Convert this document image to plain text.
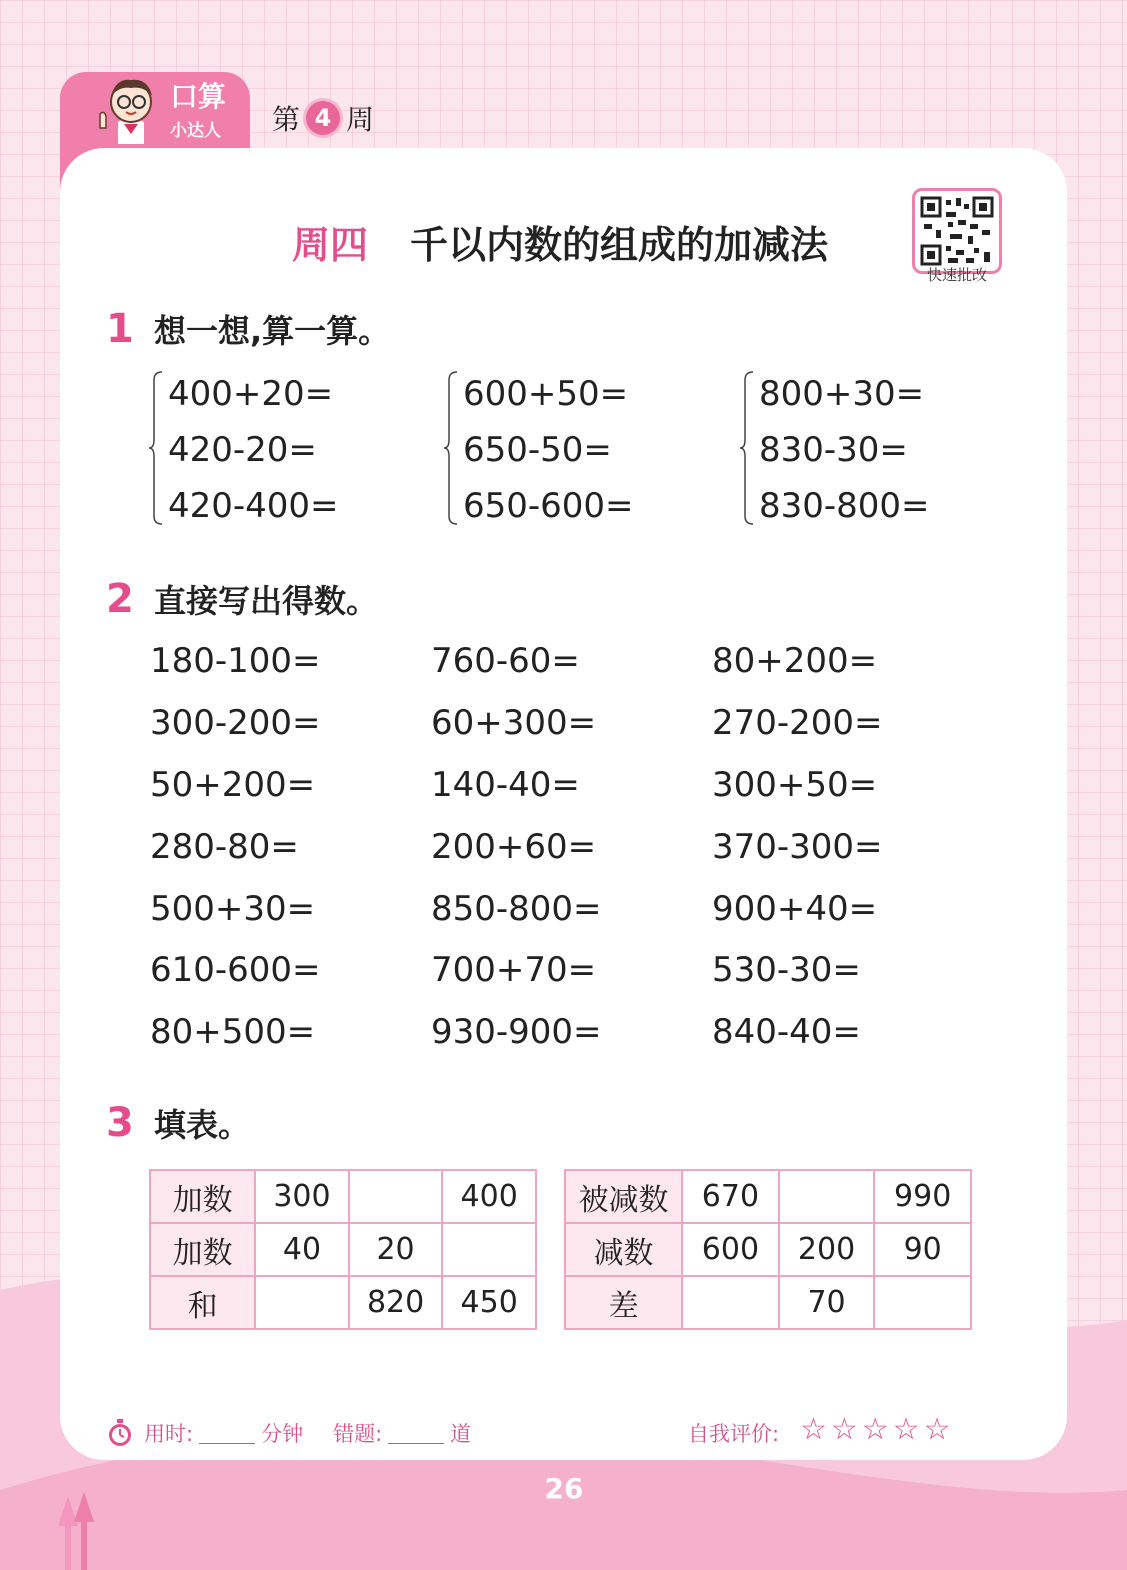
口算
小达人 第 4 周
周四 千以内数的组成的加减法
快速批改
1 想一想,算一算。
400+20=
420-20=
420-400=
600+50=
650-50=
650-600=
800+30=
830-30=
830-800=
2 直接写出得数。
180-100=
300-200=
50+200=
280-80=
500+30=
610-600=
80+500=
760-60=
60+300=
140-40=
200+60=
850-800=
700+70=
930-900=
80+200=
270-200=
300+50=
370-300=
900+40=
530-30=
840-40=
3 填表。
加数	300		400
加数	40	20	
和		820	450
被减数	670		990
减数	600	200	90
差		70	
用时:	分钟 错题:	道	自我评价: ☆☆☆☆☆
26
